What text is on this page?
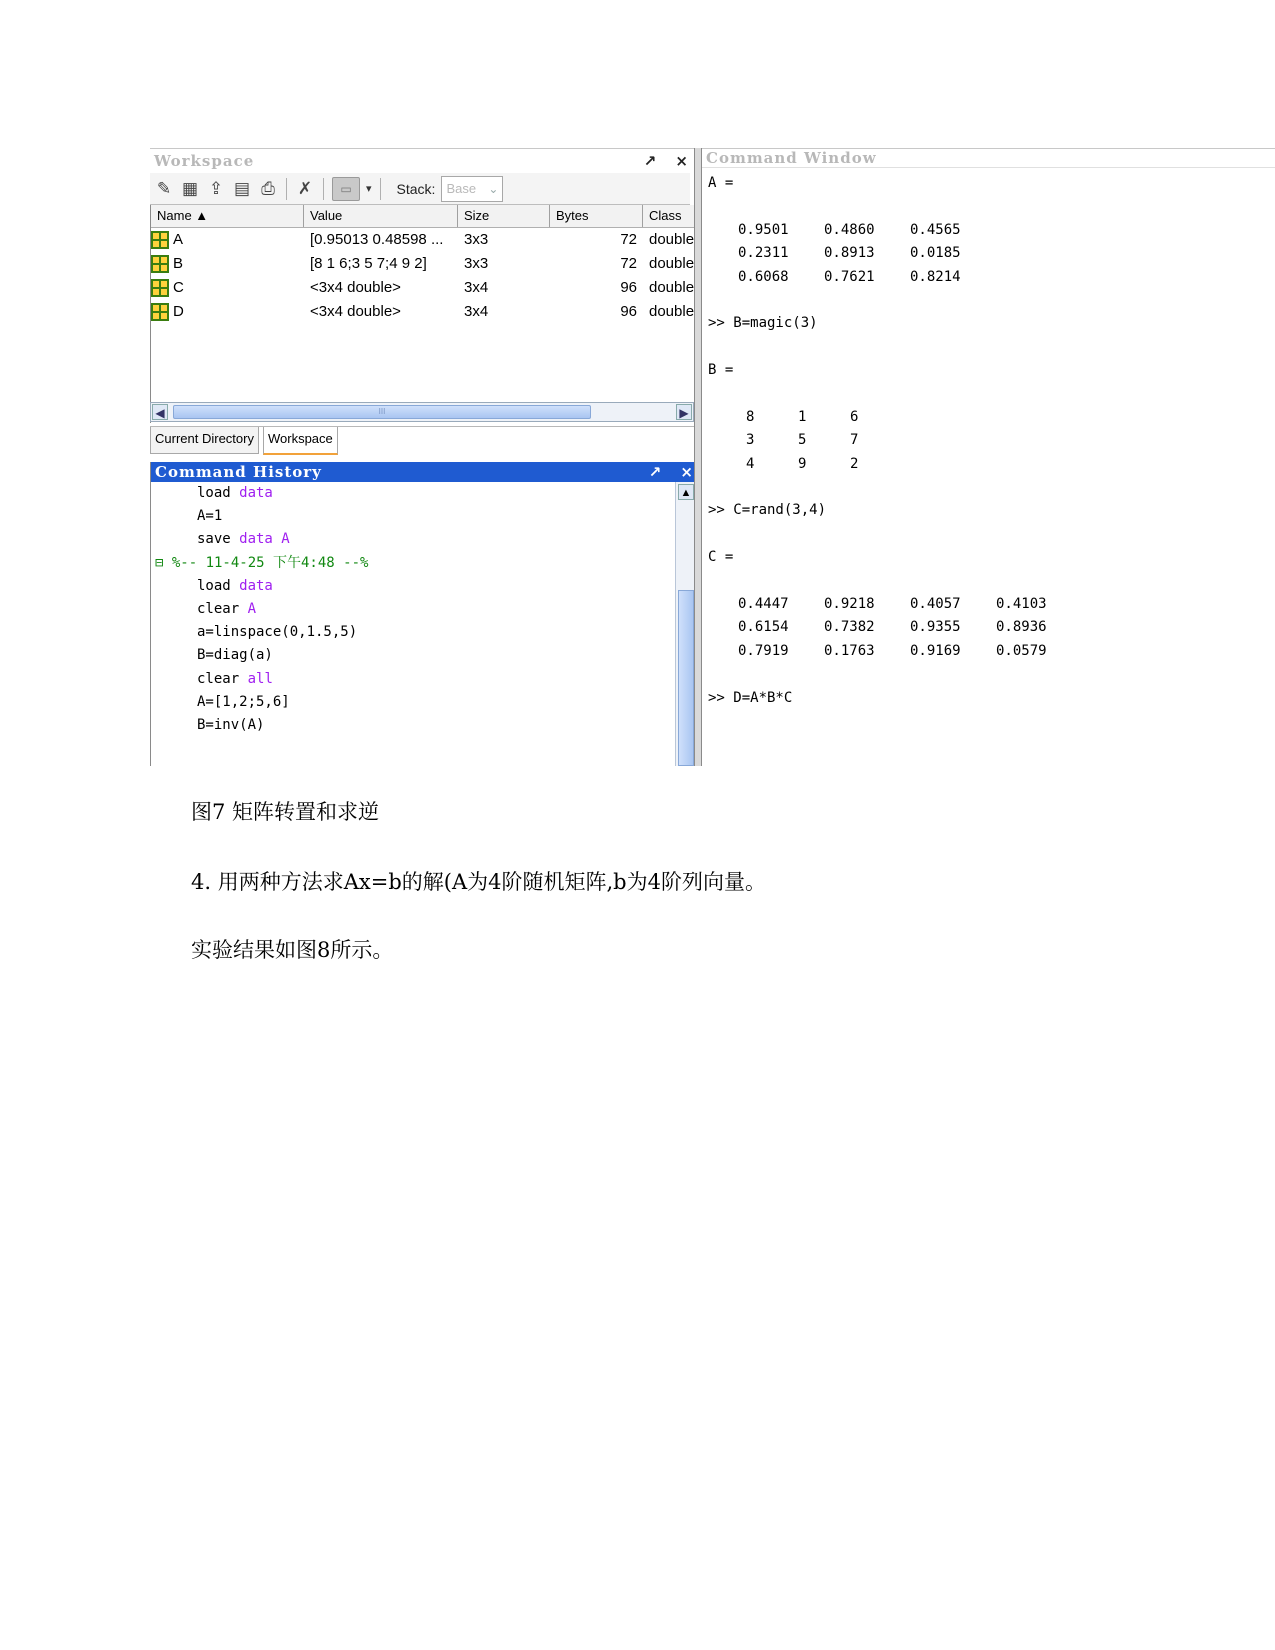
Workspace	↗ ×
✎ ▦ ⇪ ▤ ⎙ ✗	▭	▾ Stack: Base ⌄
Name ▲	Value	Size	Bytes	Class
A	[0.95013 0.48598 ...	3x3	72 double
B	[8 1 6;3 5 7;4 9 2]	3x3	72 double
C	<3x4 double>	3x4	96 double
D	<3x4 double>	3x4	96 double
◀	III	▶
Current Directory	Workspace
Command History	↗ ×
load data
A=1
save data A
⊟ %-- 11-4-25 下午4:48 --%
load data
clear A
a=linspace(0,1.5,5)
B=diag(a)
clear all
A=[1,2;5,6]
B=inv(A)
▲
Command Window
A =
0.9501	0.4860	0.4565
0.2311	0.8913	0.0185
0.6068	0.7621	0.8214
>> B=magic(3)
B =
8	1	6
3	5	7
4	9	2
>> C=rand(3,4)
C =
0.4447	0.9218	0.4057	0.4103
0.6154	0.7382	0.9355	0.8936
0.7919	0.1763	0.9169	0.0579
>> D=A*B*C
图7 矩阵转置和求逆
4. 用两种方法求Ax=b的解(A为4阶随机矩阵,b为4阶列向量。
实验结果如图8所示。
